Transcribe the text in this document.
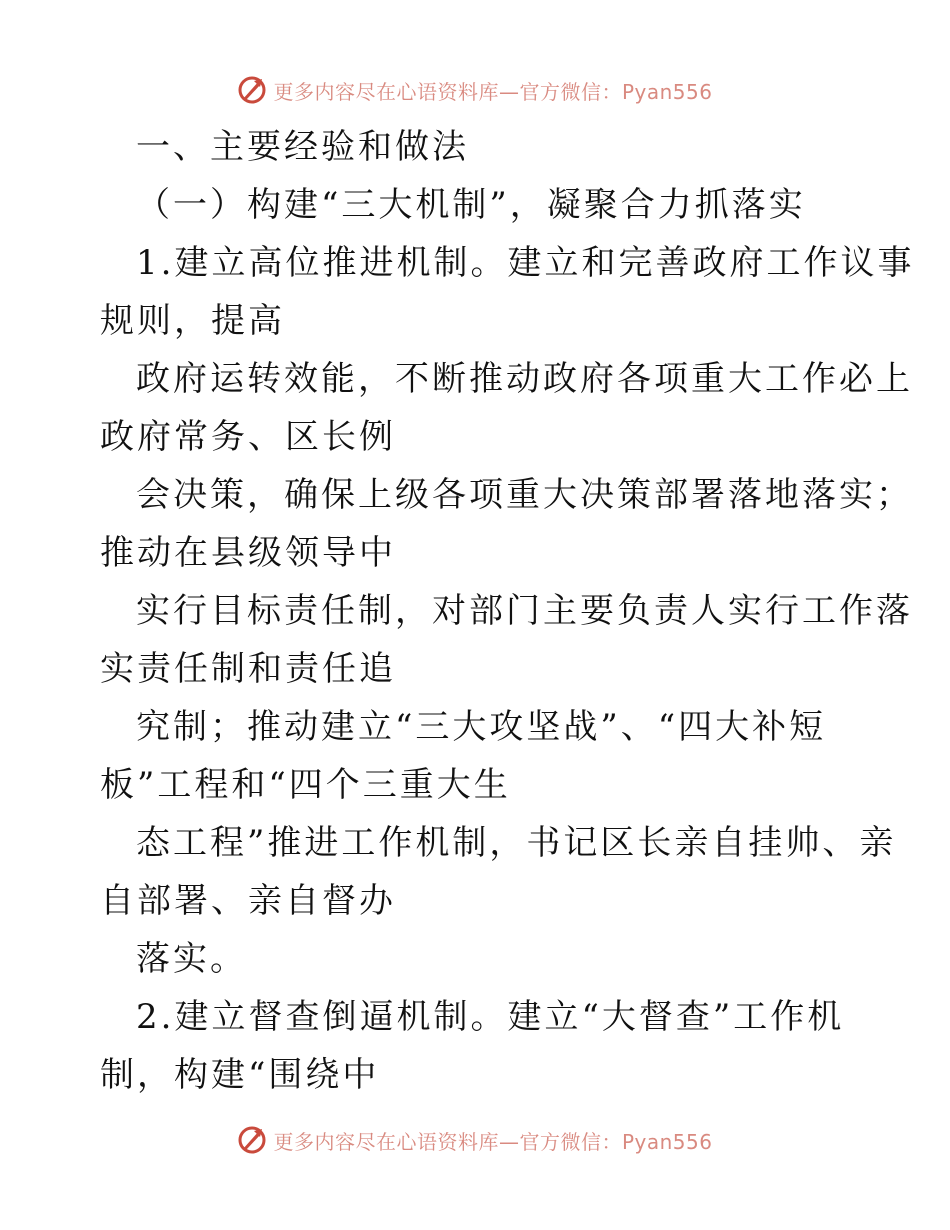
更多内容尽在心语资料库—官方微信：Pyan556
一、主要经验和做法
（一）构建“三大机制”，凝聚合力抓落实
1.建立高位推进机制。建立和完善政府工作议事
规则，提高
政府运转效能，不断推动政府各项重大工作必上
政府常务、区长例
会决策，确保上级各项重大决策部署落地落实；
推动在县级领导中
实行目标责任制，对部门主要负责人实行工作落
实责任制和责任追
究制；推动建立“三大攻坚战”、“四大补短
板”工程和“四个三重大生
态工程”推进工作机制，书记区长亲自挂帅、亲
自部署、亲自督办
落实。
2.建立督查倒逼机制。建立“大督查”工作机
制，构建“围绕中
更多内容尽在心语资料库—官方微信：Pyan556
